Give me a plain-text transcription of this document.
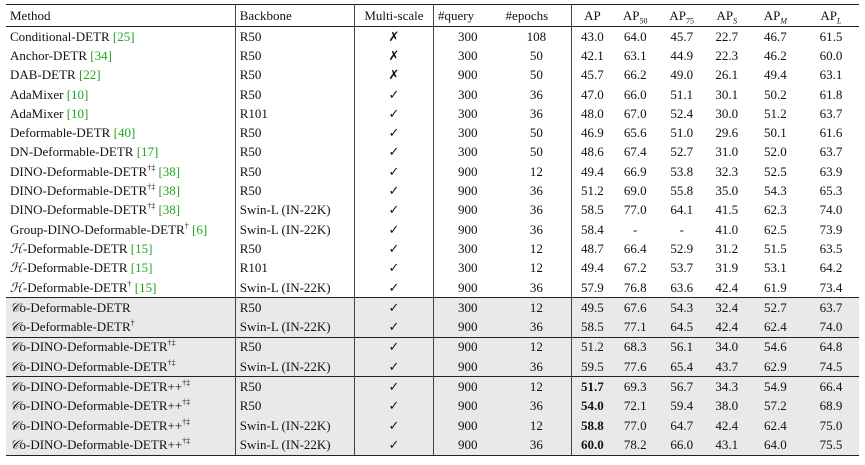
Method	Backbone	Multi-scale	#query	#epochs	AP	$AP_{50}$	$AP_{75}$	$AP_S$	$AP_M$	$AP_L$
Conditional-DETR [25]	R50	✗	300	108	43.0	64.0	45.7	22.7	46.7	61.5
Anchor-DETR [34]	R50	✗	300	50	42.1	63.1	44.9	22.3	46.2	60.0
DAB-DETR [22]	R50	✗	900	50	45.7	66.2	49.0	26.1	49.4	63.1
AdaMixer [10]	R50	✓	300	36	47.0	66.0	51.1	30.1	50.2	61.8
AdaMixer [10]	R101	✓	300	36	48.0	67.0	52.4	30.0	51.2	63.7
Deformable-DETR [40]	R50	✓	300	50	46.9	65.6	51.0	29.6	50.1	61.6
DN-Deformable-DETR [17]	R50	✓	300	50	48.6	67.4	52.7	31.0	52.0	63.7
DINO-Deformable-DETR†‡ [38]	R50	✓	900	12	49.4	66.9	53.8	32.3	52.5	63.9
DINO-Deformable-DETR†‡ [38]	R50	✓	900	36	51.2	69.0	55.8	35.0	54.3	65.3
DINO-Deformable-DETR†‡ [38]	Swin-L (IN-22K)	✓	900	36	58.5	77.0	64.1	41.5	62.3	74.0
Group-DINO-Deformable-DETR† [6]	Swin-L (IN-22K)	✓	900	36	58.4	-	-	41.0	62.5	73.9
ℋ-Deformable-DETR [15]	R50	✓	300	12	48.7	66.4	52.9	31.2	51.5	63.5
ℋ-Deformable-DETR [15]	R101	✓	300	12	49.4	67.2	53.7	31.9	53.1	64.2
ℋ-Deformable-DETR† [15]	Swin-L (IN-22K)	✓	900	36	57.9	76.8	63.6	42.4	61.9	73.4
𝒞o-Deformable-DETR	R50	✓	300	12	49.5	67.6	54.3	32.4	52.7	63.7
𝒞o-Deformable-DETR†	Swin-L (IN-22K)	✓	900	36	58.5	77.1	64.5	42.4	62.4	74.0
𝒞o-DINO-Deformable-DETR†‡	R50	✓	900	12	51.2	68.3	56.1	34.0	54.6	64.8
𝒞o-DINO-Deformable-DETR†‡	Swin-L (IN-22K)	✓	900	36	59.5	77.6	65.4	43.7	62.9	74.5
𝒞o-DINO-Deformable-DETR++†‡	R50	✓	900	12	51.7	69.3	56.7	34.3	54.9	66.4
𝒞o-DINO-Deformable-DETR++†‡	R50	✓	900	36	54.0	72.1	59.4	38.0	57.2	68.9
𝒞o-DINO-Deformable-DETR++†‡	Swin-L (IN-22K)	✓	900	12	58.8	77.0	64.7	42.4	62.4	75.0
𝒞o-DINO-Deformable-DETR++†‡	Swin-L (IN-22K)	✓	900	36	60.0	78.2	66.0	43.1	64.0	75.5
